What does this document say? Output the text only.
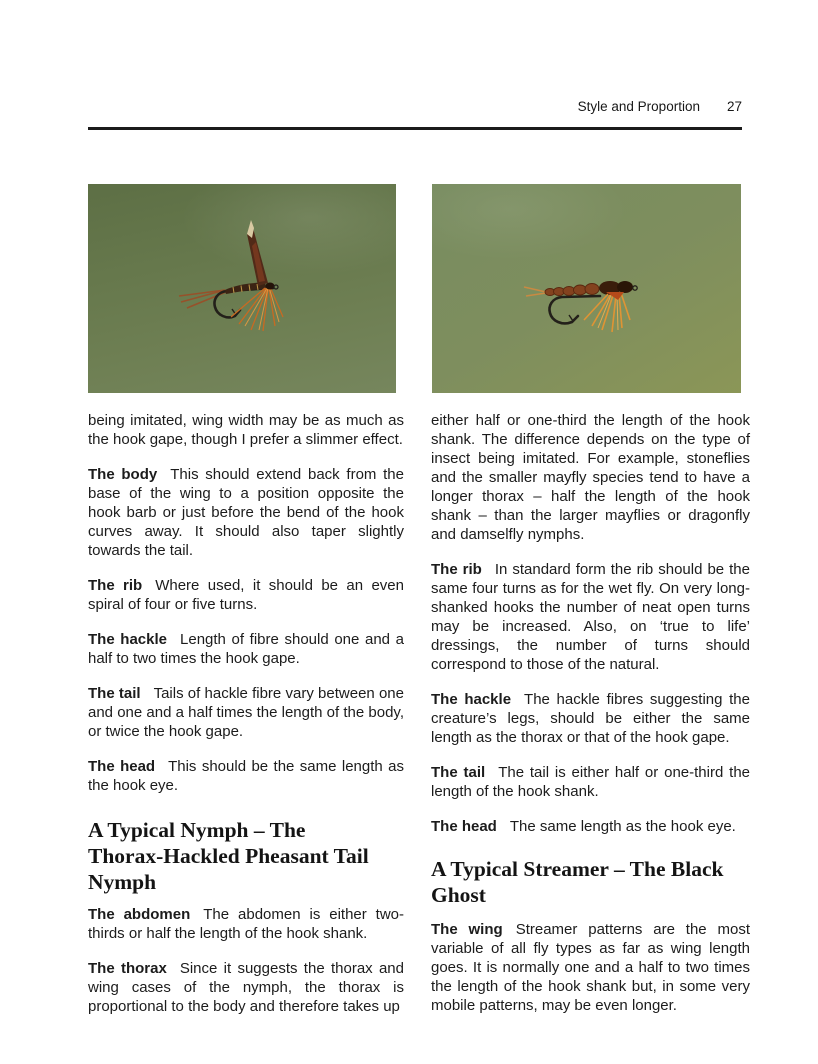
Style and Proportion 27

being imitated, wing width may be as much as the hook gape, though I prefer a slimmer effect.

The body This should extend back from the base of the wing to a position opposite the hook barb or just before the bend of the hook curves away. It should also taper slightly towards the tail.

The rib Where used, it should be an even spiral of four or five turns.

The hackle Length of fibre should one and a half to two times the hook gape.

The tail Tails of hackle fibre vary between one and one and a half times the length of the body, or twice the hook gape.

The head This should be the same length as the hook eye.

A Typical Nymph – The
Thorax-Hackled Pheasant Tail
Nymph

The abdomen The abdomen is either two-thirds or half the length of the hook shank.

The thorax Since it suggests the thorax and wing cases of the nymph, the thorax is proportional to the body and therefore takes up

either half or one-third the length of the hook shank. The difference depends on the type of insect being imitated. For example, stoneflies and the smaller mayfly species tend to have a longer thorax – half the length of the hook shank – than the larger mayflies or dragonfly and damselfly nymphs.

The rib In standard form the rib should be the same four turns as for the wet fly. On very long-shanked hooks the number of neat open turns may be increased. Also, on ‘true to life’ dressings, the number of turns should correspond to those of the natural.

The hackle The hackle fibres suggesting the creature’s legs, should be either the same length as the thorax or that of the hook gape.

The tail The tail is either half or one-third the length of the hook shank.

The head The same length as the hook eye.

A Typical Streamer – The Black
Ghost

The wing Streamer patterns are the most variable of all fly types as far as wing length goes. It is normally one and a half to two times the length of the hook shank but, in some very mobile patterns, may be even longer.
